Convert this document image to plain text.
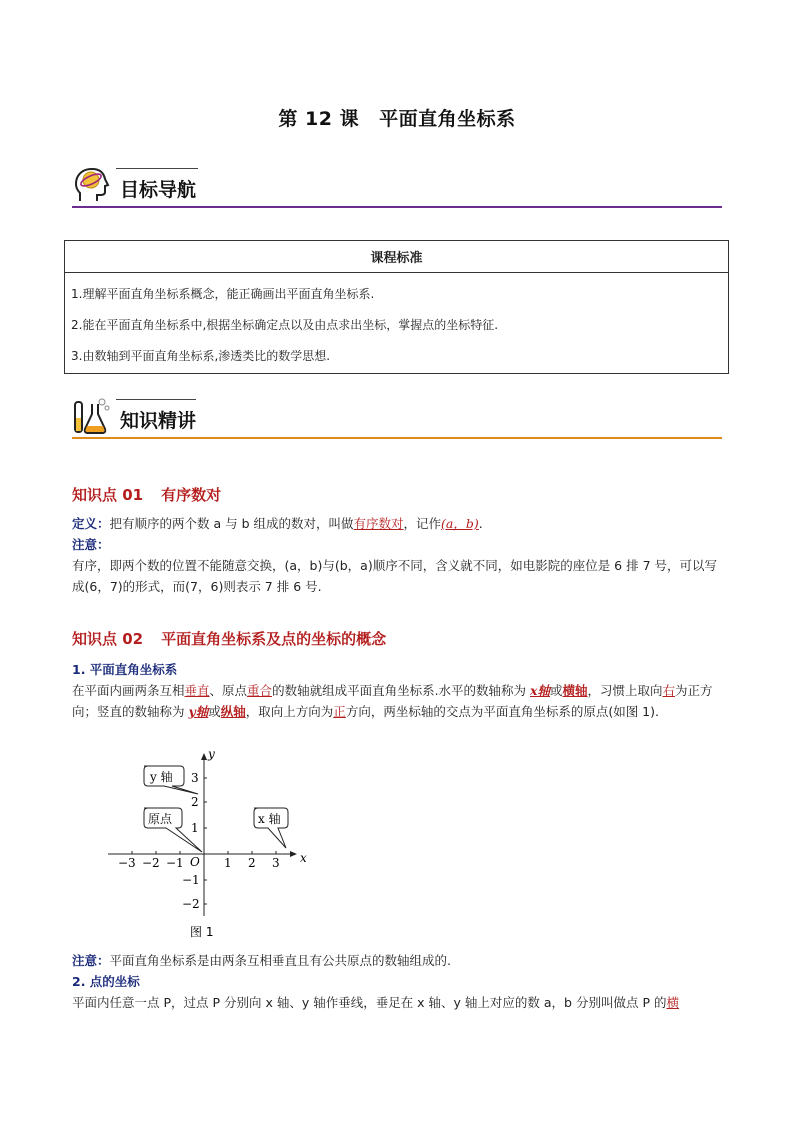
第 12 课 平面直角坐标系
目标导航
课程标准

1.理解平面直角坐标系概念，能正确画出平面直角坐标系.
2.能在平面直角坐标系中,根据坐标确定点以及由点求出坐标，掌握点的坐标特征.
3.由数轴到平面直角坐标系,渗透类比的数学思想.
知识精讲
知识点 01 有序数对
定义：把有顺序的两个数 a 与 b 组成的数对，叫做有序数对，记作(a，b).
注意：
有序，即两个数的位置不能随意交换，(a，b)与(b，a)顺序不同，含义就不同，如电影院的座位是 6 排 7 号，可以写成(6，7)的形式，而(7，6)则表示 7 排 6 号.
知识点 02 平面直角坐标系及点的坐标的概念
1. 平面直角坐标系
在平面内画两条互相垂直、原点重合的数轴就组成平面直角坐标系.水平的数轴称为 x轴或横轴，习惯上取向右为正方向；竖直的数轴称为 y轴或纵轴，取向上方向为正方向，两坐标轴的交点为平面直角坐标系的原点(如图 1).
x
y
O
−3 −2 −1	1 2 3
3
2
1
−1
−2
y 轴
原点	x 轴
图 1
注意：平面直角坐标系是由两条互相垂直且有公共原点的数轴组成的.
2. 点的坐标
平面内任意一点 P，过点 P 分别向 x 轴、y 轴作垂线，垂足在 x 轴、y 轴上对应的数 a，b 分别叫做点 P 的横
